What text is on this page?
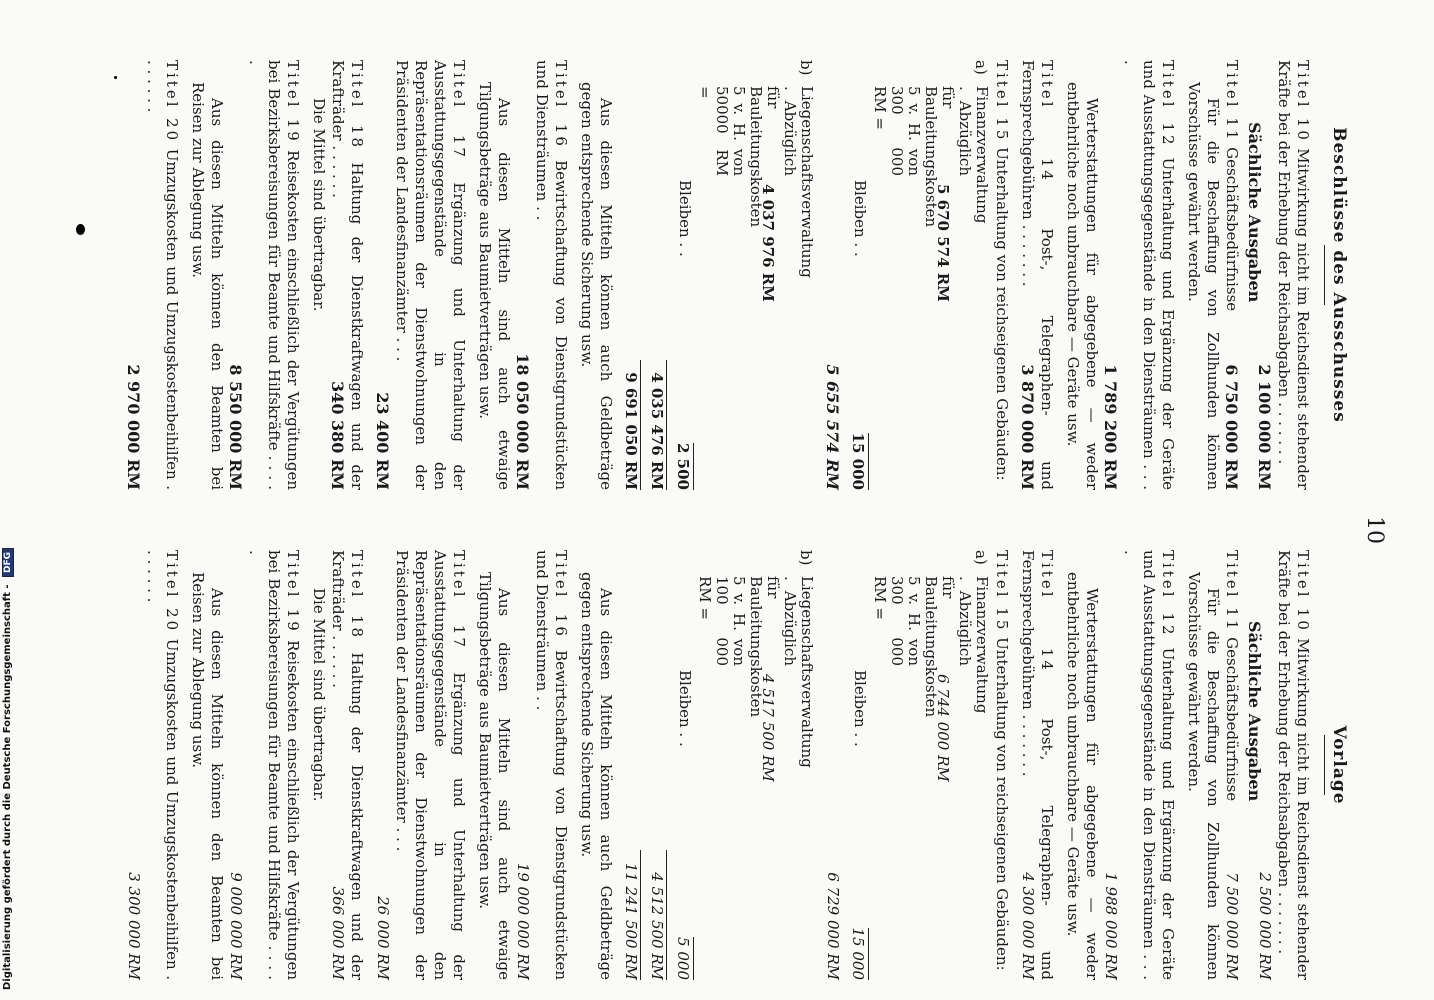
10
Beschlüsse des Ausschusses
Titel 10 Mitwirkung nicht im Reichsdienst stehender Kräfte bei der Erhebung der Reichsabgaben . . . . . . .
2 100 000 RM
Sächliche Ausgaben
Titel 11 Geschäftsbedürfnisse
6 750 000 RM
Für die Beschaffung von Zollhunden können Vorschüsse gewährt werden.
Titel 12 Unterhaltung und Ergänzung der Geräte und Ausstattungsgegenstände in den Diensträumen . . . .
1 789 200 RM
Werterstattungen für abgegebene — weder entbehrliche noch unbrauchbare — Geräte usw.
Titel 14 Post-, Telegraphen- und Fernsprechgebühren . . . . . . .
3 870 000 RM
Titel 15 Unterhaltung von reichseigenen Gebäuden:
a)
Finanzverwaltung . Abzüglich für Bauleitungskosten 5 v. H. von 300 000 RM =
5 670 574 RM
Bleiben . .
15 000
5 655 574 RM
b)
Liegenschaftsverwaltung . Abzüglich für Bauleitungskosten 5 v. H. von 50000 RM =
4 037 976 RM
Bleiben . .
2 500
4 035 476 RM
9 691 050 RM
Aus diesen Mitteln können auch Geldbeträge gegen entsprechende Sicherung usw.
Titel 16 Bewirtschaftung von Dienstgrundstücken und Diensträumen . .
18 050 000 RM
Aus diesen Mitteln sind auch etwaige Tilgungsbeträge aus Baumietverträgen usw.
Titel 17 Ergänzung und Unterhaltung der Ausstattungsgegenstände in den Repräsentationsräumen der Dienstwohnungen der Präsidenten der Landesfinanzämter . . .
23 400 RM
Titel 18 Haltung der Dienstkraftwagen und der Krafträder . . . . . .
340 380 RM
Die Mittel sind übertragbar.
Titel 19 Reisekosten einschließlich der Vergütungen bei Bezirksbereisungen für Beamte und Hilfskräfte . . . . .
8 550 000 RM
Aus diesen Mitteln können den Beamten bei Reisen zur Ablegung usw.
Titel 20 Umzugskosten und Umzugskostenbeihilfen . . . . . . .
2 970 000 RM
Vorlage
Titel 10 Mitwirkung nicht im Reichsdienst stehender Kräfte bei der Erhebung der Reichsabgaben . . . . . . .
2 500 000 RM
Sächliche Ausgaben
Titel 11 Geschäftsbedürfnisse
7 500 000 RM
Für die Beschaffung von Zollhunden können Vorschüsse gewährt werden.
Titel 12 Unterhaltung und Ergänzung der Geräte und Ausstattungsgegenstände in den Diensträumen . . . .
1 988 000 RM
Werterstattungen für abgegebene — weder entbehrliche noch unbrauchbare — Geräte usw.
Titel 14 Post-, Telegraphen- und Fernsprechgebühren . . . . . . .
4 300 000 RM
Titel 15 Unterhaltung von reichseigenen Gebäuden:
a)
Finanzverwaltung . Abzüglich für Bauleitungskosten 5 v. H. von 300 000 RM =
6 744 000 RM
Bleiben . .
15 000
6 729 000 RM
b)
Liegenschaftsverwaltung . Abzüglich für Bauleitungskosten 5 v. H. von 100 000 RM =
4 517 500 RM
Bleiben . .
5 000
4 512 500 RM
11 241 500 RM
Aus diesen Mitteln können auch Geldbeträge gegen entsprechende Sicherung usw.
Titel 16 Bewirtschaftung von Dienstgrundstücken und Diensträumen . .
19 000 000 RM
Aus diesen Mitteln sind auch etwaige Tilgungsbeträge aus Baumietverträgen usw.
Titel 17 Ergänzung und Unterhaltung der Ausstattungsgegenstände in den Repräsentationsräumen der Dienstwohnungen der Präsidenten der Landesfinanzämter . . .
26 000 RM
Titel 18 Haltung der Dienstkraftwagen und der Krafträder . . . . . .
366 000 RM
Die Mittel sind übertragbar.
Titel 19 Reisekosten einschließlich der Vergütungen bei Bezirksbereisungen für Beamte und Hilfskräfte . . . . .
9 000 000 RM
Aus diesen Mitteln können den Beamten bei Reisen zur Ablegung usw.
Titel 20 Umzugskosten und Umzugskostenbeihilfen . . . . . . .
3 300 000 RM
Digitalisierung gefördert durch die Deutsche Forschungsgemeinschaft - DFG
